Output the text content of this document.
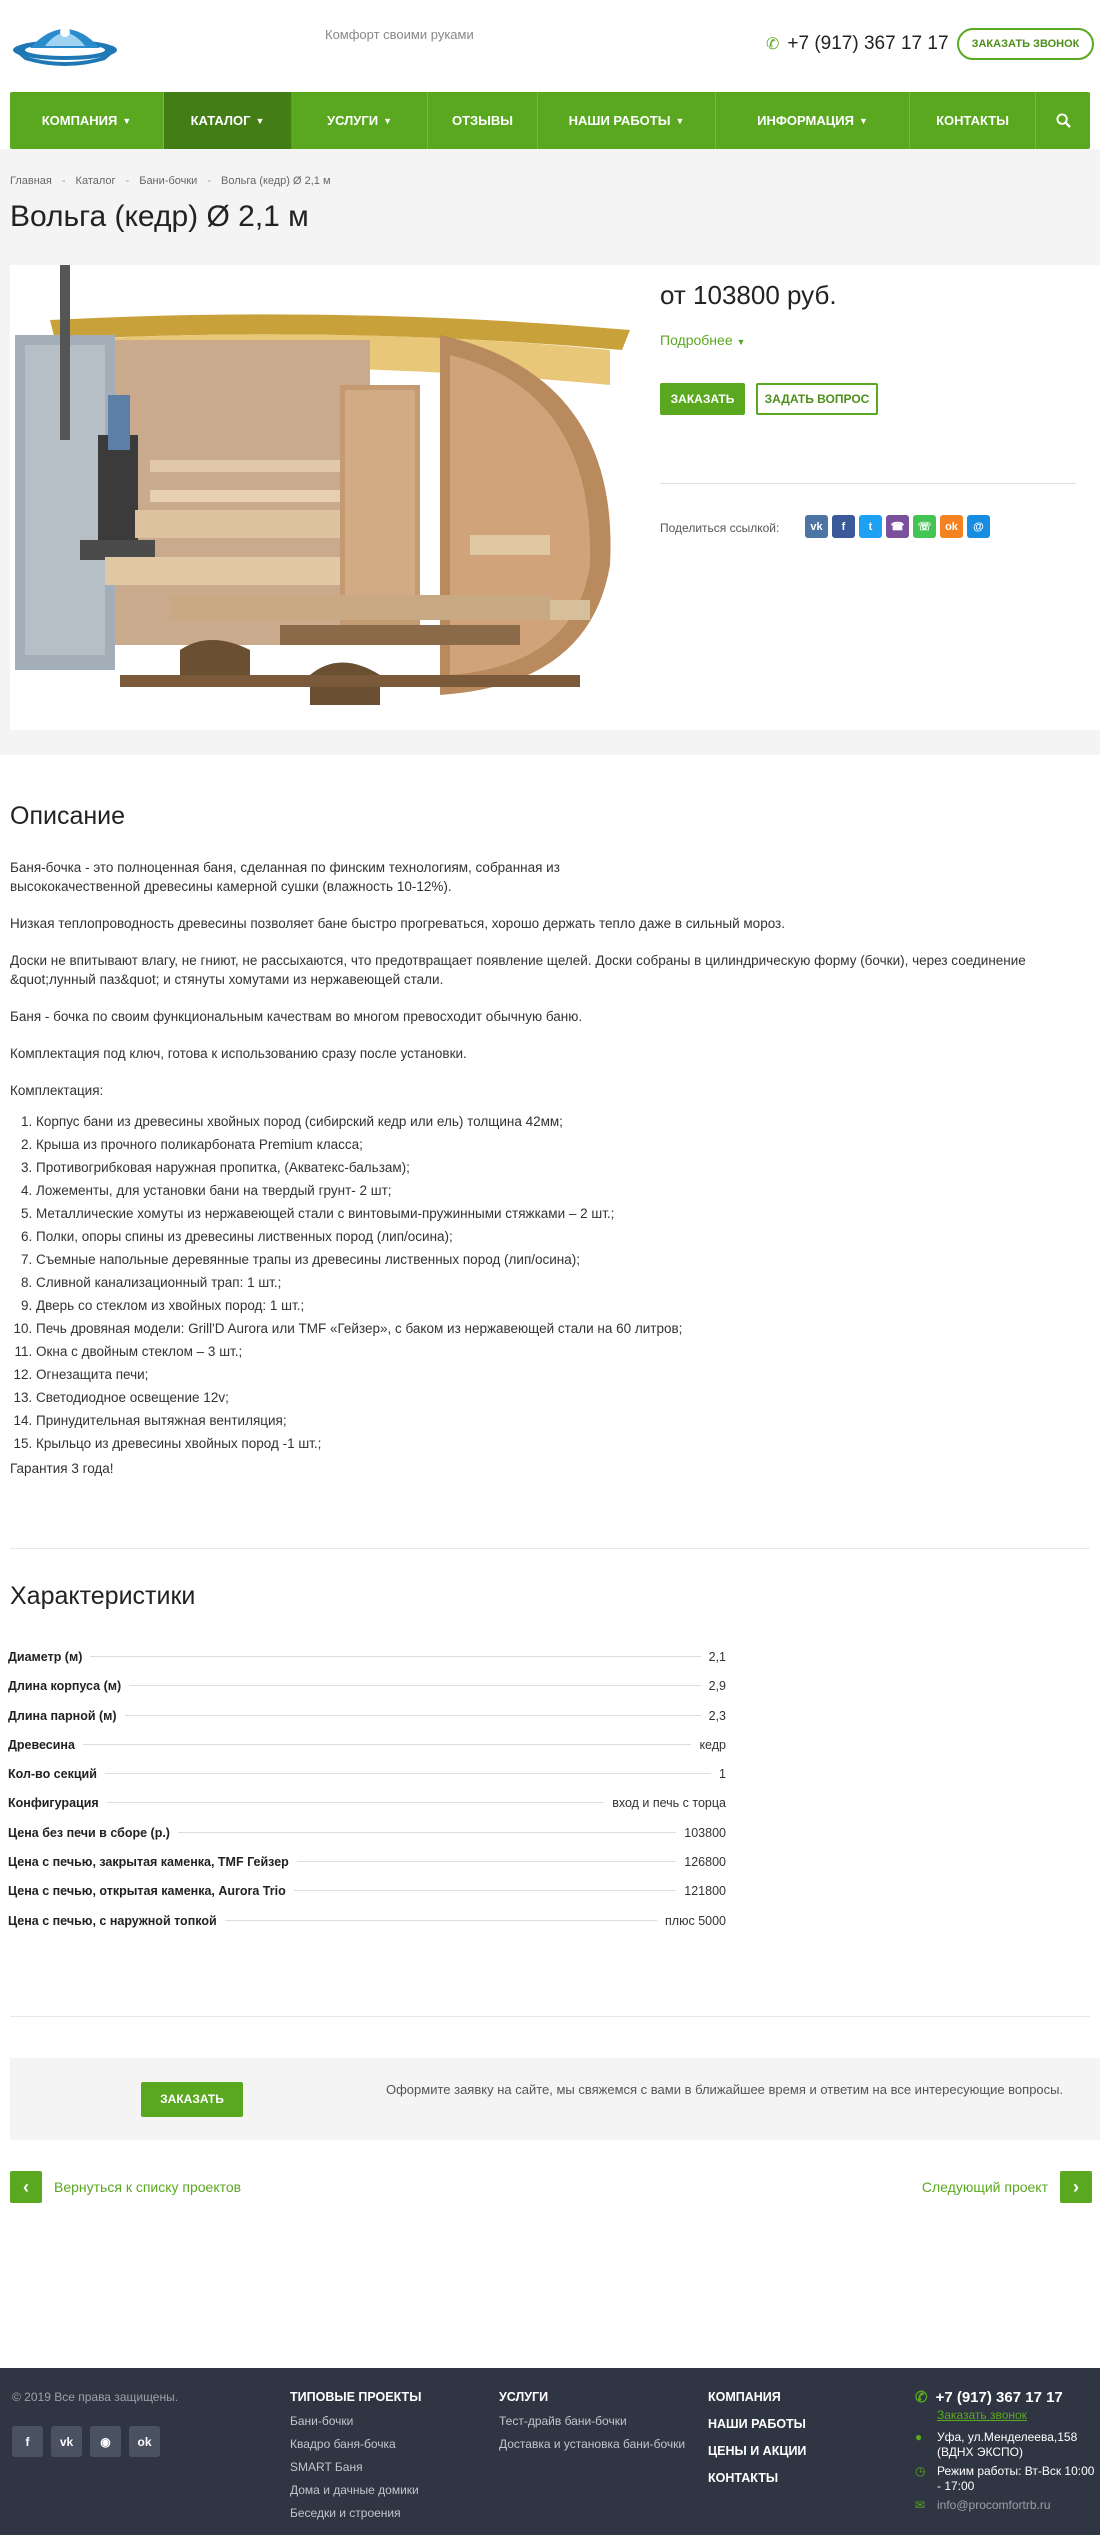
Комфорт своими руками
✆ +7 (917) 367 17 17	ЗАКАЗАТЬ ЗВОНОК
КОМПАНИЯ ▼	КАТАЛОГ ▼	УСЛУГИ ▼	ОТЗЫВЫ	НАШИ РАБОТЫ ▼	ИНФОРМАЦИЯ ▼	КОНТАКТЫ
Главная - Каталог - Бани-бочки - Вольга (кедр) Ø 2,1 м
Вольга (кедр) Ø 2,1 м
от 103800 руб.
Подробнее ▼
ЗАКАЗАТЬ	ЗАДАТЬ ВОПРОС
Поделиться ссылкой:	vk	f	t	☎	☏	ok	@
Описание

Баня-бочка - это полноценная баня, сделанная по финским технологиям, собранная из высококачественной древесины камерной сушки (влажность 10-12%).

Низкая теплопроводность древесины позволяет бане быстро прогреваться, хорошо держать тепло даже в сильный мороз.

Доски не впитывают влагу, не гниют, не рассыхаются, что предотвращает появление щелей. Доски собраны в цилиндрическую форму (бочки), через соединение &quot;лунный паз&quot; и стянуты хомутами из нержавеющей стали.

Баня - бочка по своим функциональным качествам во многом превосходит обычную баню.

Комплектация под ключ, готова к использованию сразу после установки.

Комплектация:

1. Корпус бани из древесины хвойных пород (сибирский кедр или ель) толщина 42мм;
2. Крыша из прочного поликарбоната Premium класса;
3. Противогрибковая наружная пропитка, (Акватекс-бальзам);
4. Ложементы, для установки бани на твердый грунт- 2 шт;
5. Металлические хомуты из нержавеющей стали с винтовыми-пружинными стяжками – 2 шт.;
6. Полки, опоры спины из древесины лиственных пород (лип/осина);
7. Съемные напольные деревянные трапы из древесины лиственных пород (лип/осина);
8. Сливной канализационный трап: 1 шт.;
9. Дверь со стеклом из хвойных пород: 1 шт.;
10. Печь дровяная модели: Grill'D Aurora или TMF «Гейзер», с баком из нержавеющей стали на 60 литров;
11. Окна с двойным стеклом – 3 шт.;
12. Огнезащита печи;
13. Светодиодное освещение 12v;
14. Принудительная вытяжная вентиляция;
15. Крыльцо из древесины хвойных пород -1 шт.;

Гарантия 3 года!

Характеристики
Диаметр (м)	2,1
Длина корпуса (м)	2,9
Длина парной (м)	2,3
Древесина	кедр
Кол-во секций	1
Конфигурация	вход и печь с торца
Цена без печи в сборе (р.)	103800
Цена с печью, закрытая каменка, TMF Гейзер	126800
Цена с печью, открытая каменка, Aurora Trio	121800
Цена с печью, с наружной топкой	плюс 5000
ЗАКАЗАТЬ
Оформите заявку на сайте, мы свяжемся с вами в ближайшее время и ответим на все интересующие вопросы.
‹	Вернуться к списку проектов	Следующий проект	›
© 2019 Все права защищены.
f	vk	◉	ok
ТИПОВЫЕ ПРОЕКТЫ
Бани-бочки
Квадро баня-бочка
SMART Баня
Дома и дачные домики
Беседки и строения
УСЛУГИ
Тест-драйв бани-бочки
Доставка и установка бани-бочки
КОМПАНИЯ
НАШИ РАБОТЫ
ЦЕНЫ И АКЦИИ
КОНТАКТЫ
✆ +7 (917) 367 17 17
Заказать звонок
●	Уфа, ул.Менделеева,158 (ВДНХ ЭКСПО)
◷ Режим работы: Вт-Вск 10:00 - 17:00
✉ info@procomfortrb.ru
